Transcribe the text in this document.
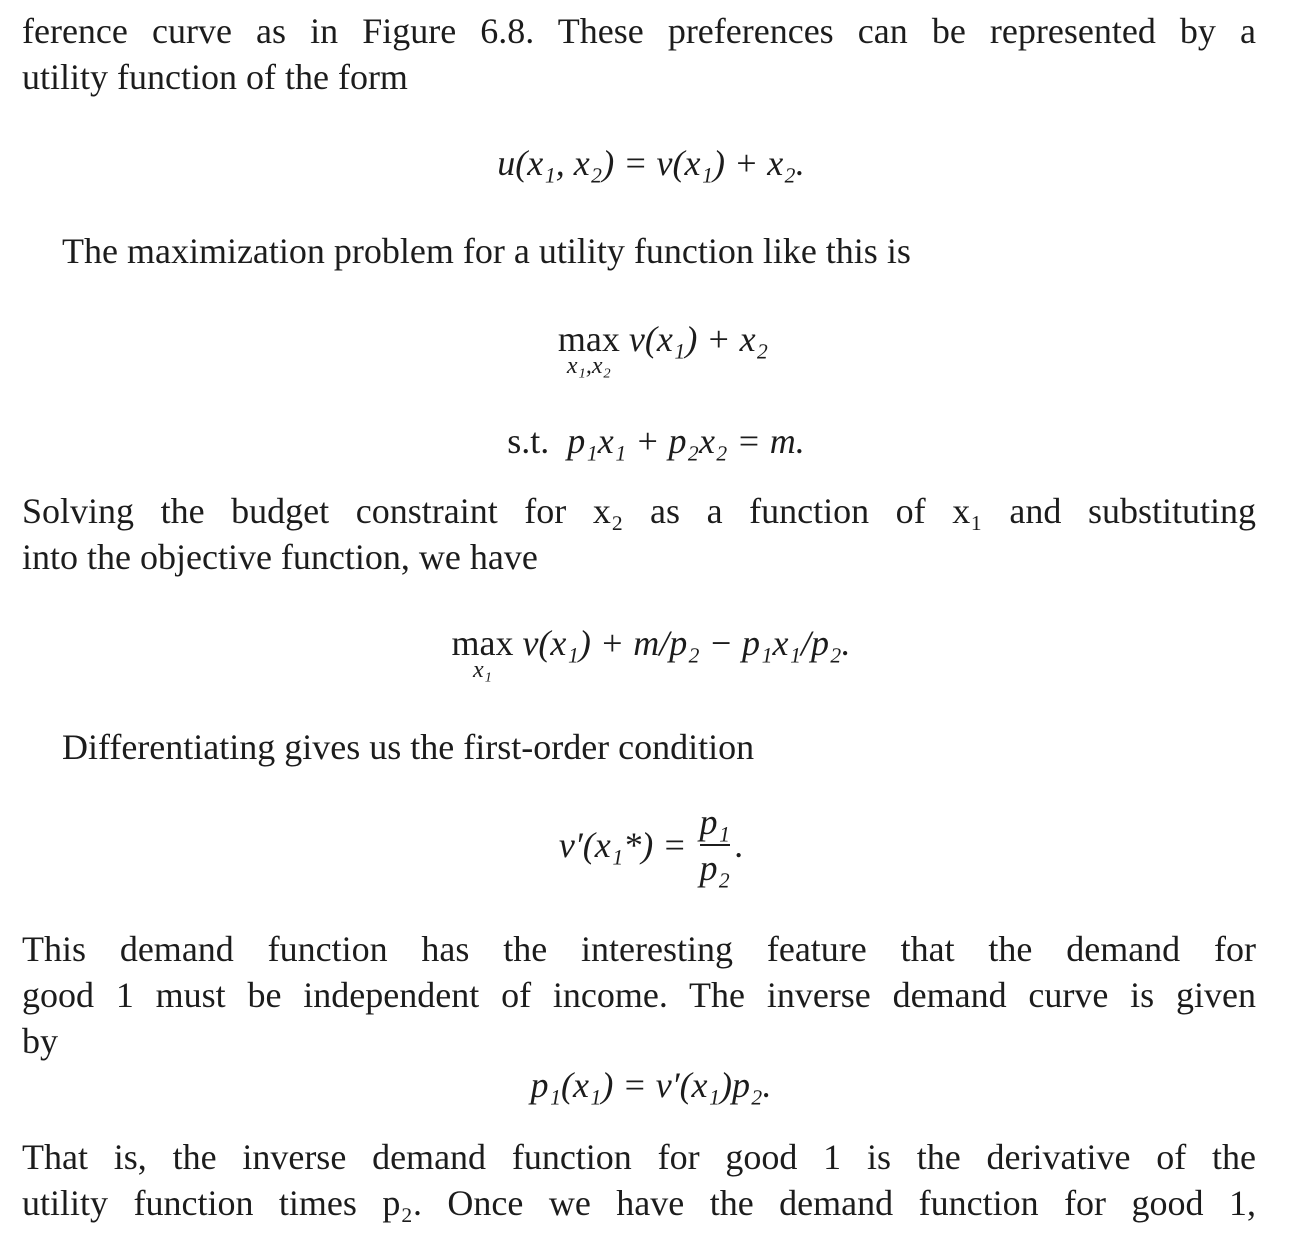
ference curve as in Figure 6.8. These preferences can be represented by a
utility function of the form
u(x₁, x₂) = v(x₁) + x₂.
The maximization problem for a utility function like this is
max
x₁,x₂
v(x₁) + x₂
s.t. p₁x₁ + p₂x₂ = m.
Solving the budget constraint for x₂ as a function of x₁ and substituting
into the objective function, we have
max
x₁
v(x₁) + m/p₂ − p₁x₁/p₂.
Differentiating gives us the first-order condition
$v'(x_1*) = \frac{\text{p₁}}{\text{p₂}}$ .
This demand function has the interesting feature that the demand for
good 1 must be independent of income. The inverse demand curve is given
by
p₁(x₁) = v′(x₁)p₂.
That is, the inverse demand function for good 1 is the derivative of the
utility function times p₂. Once we have the demand function for good 1,
